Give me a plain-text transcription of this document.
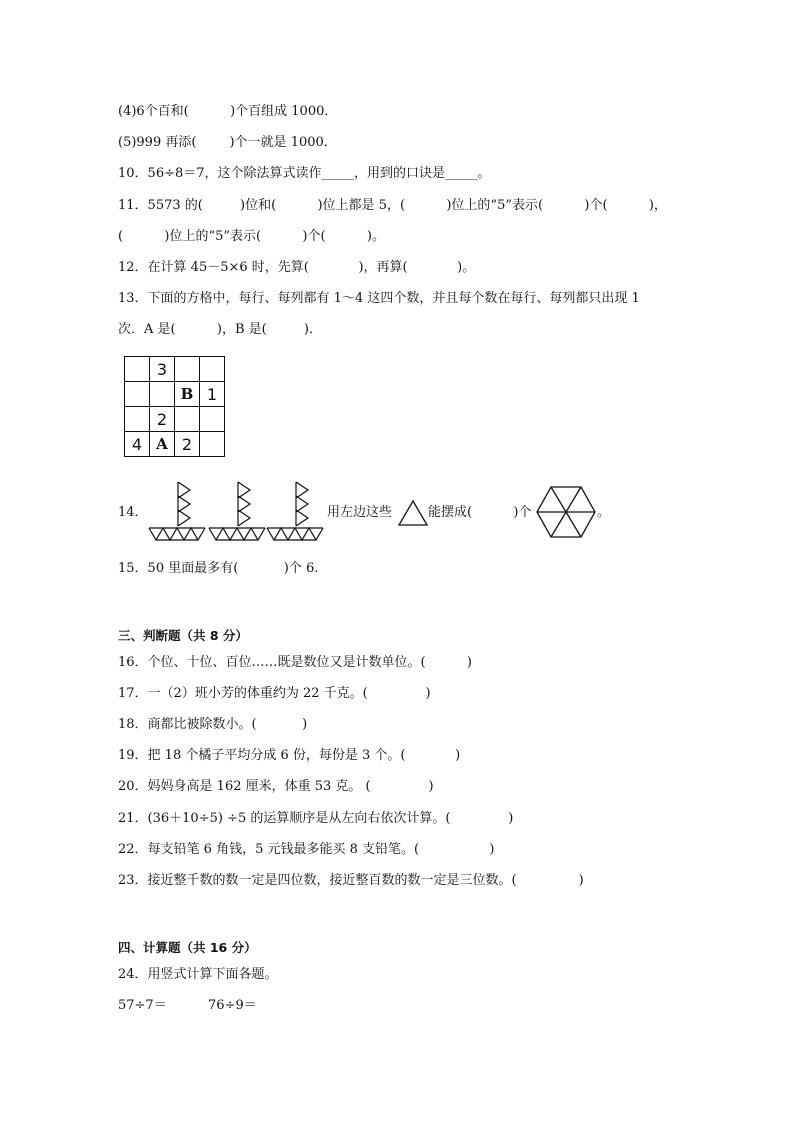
(4)6个百和(          )个百组成 1000．
(5)999 再添(        )个一就是 1000．
10．56÷8＝7，这个除法算式读作_____，用到的口诀是_____。
11．5573 的(         )位和(          )位上都是 5，(          )位上的“5”表示(          )个(          )，
(          )位上的“5”表示(          )个(          )。
12．在计算 45－5×6 时，先算(            )，再算(            )。
13．下面的方格中，每行、每列都有 1～4 这四个数，并且每个数在每行、每列都只出现 1
次．A 是(          )，B 是(         )．
	3		
		B	1
	2		
4	A	2	
14．	用左边这些	能摆成(          )个	。
15．50 里面最多有(           )个 6.
三、判断题（共 8 分）
16．个位、十位、百位……既是数位又是计数单位。(          )
17．一（2）班小芳的体重约为 22 千克。(              )
18．商都比被除数小。(           )
19．把 18 个橘子平均分成 6 份，每份是 3 个。(            )
20．妈妈身高是 162 厘米，体重 53 克。 (              )
21．(36＋10÷5) ÷5 的运算顺序是从左向右依次计算。(              )
22．每支铅笔 6 角钱，5 元钱最多能买 8 支铅笔。(                 )
23．接近整千数的数一定是四位数，接近整百数的数一定是三位数。(               )
四、计算题（共 16 分）
24．用竖式计算下面各题。
57÷7＝          76÷9＝
